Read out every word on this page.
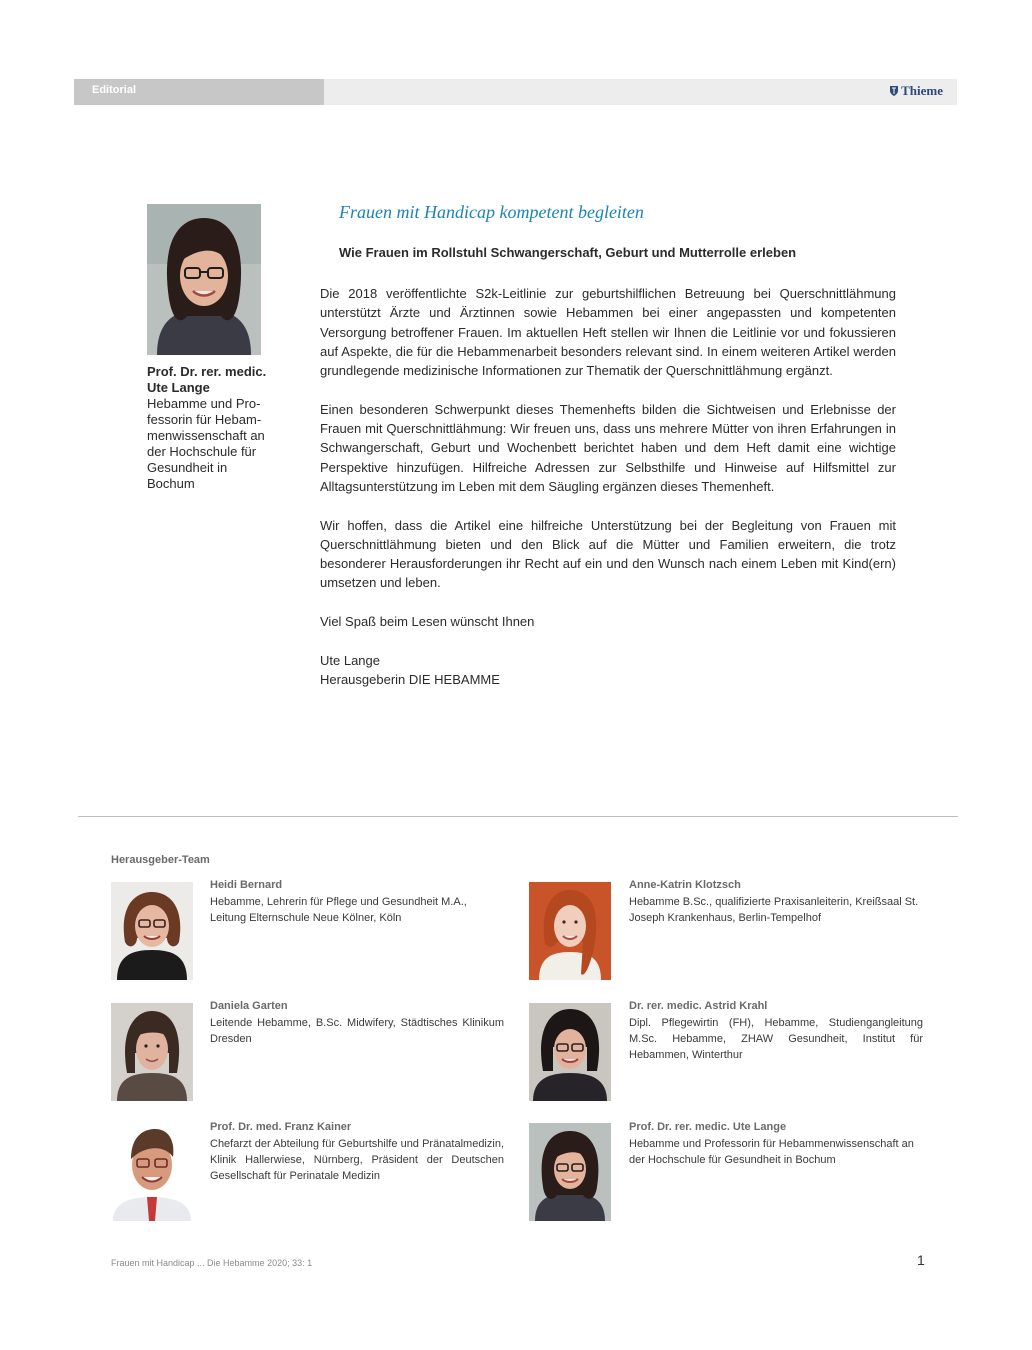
Editorial	Thieme
Prof. Dr. rer. medic.
Ute Lange
Hebamme und Pro-fessorin für Hebam-menwissenschaft an der Hochschule für Gesundheit in Bochum
Frauen mit Handicap kompetent begleiten
Wie Frauen im Rollstuhl Schwangerschaft, Geburt und Mutterrolle erleben

Die 2018 veröffentlichte S2k-Leitlinie zur geburtshilflichen Betreuung bei Querschnittlähmung unterstützt Ärzte und Ärztinnen sowie Hebammen bei einer angepassten und kompetenten Versorgung betroffener Frauen. Im aktuellen Heft stellen wir Ihnen die Leitlinie vor und fokussieren auf Aspekte, die für die Hebammenarbeit besonders relevant sind. In einem weiteren Artikel werden grundlegende medizinische Informationen zur Thematik der Querschnittlähmung ergänzt.

Einen besonderen Schwerpunkt dieses Themenhefts bilden die Sichtweisen und Erlebnisse der Frauen mit Querschnittlähmung: Wir freuen uns, dass uns mehrere Mütter von ihren Erfahrungen in Schwangerschaft, Geburt und Wochenbett berichtet haben und dem Heft damit eine wichtige Perspektive hinzufügen. Hilfreiche Adressen zur Selbsthilfe und Hinweise auf Hilfsmittel zur Alltagsunterstützung im Leben mit dem Säugling ergänzen dieses Themenheft.

Wir hoffen, dass die Artikel eine hilfreiche Unterstützung bei der Begleitung von Frauen mit Querschnittlähmung bieten und den Blick auf die Mütter und Familien erweitern, die trotz besonderer Herausforderungen ihr Recht auf ein und den Wunsch nach einem Leben mit Kind(ern) umsetzen und leben.

Viel Spaß beim Lesen wünscht Ihnen

Ute Lange
Herausgeberin DIE HEBAMME

Herausgeber-Team
Heidi Bernard
Hebamme, Lehrerin für Pflege und Gesundheit M.A., Leitung Elternschule Neue Kölner, Köln
Anne-Katrin Klotzsch
Hebamme B.Sc., qualifizierte Praxisanleiterin, Kreißsaal St. Joseph Krankenhaus, Berlin-Tempelhof
Daniela Garten
Leitende Hebamme, B.Sc. Midwifery, Städtisches Klinikum Dresden
Dr. rer. medic. Astrid Krahl
Dipl. Pflegewirtin (FH), Hebamme, Studiengangleitung M.Sc. Hebamme, ZHAW Gesundheit, Institut für Hebammen, Winterthur
Prof. Dr. med. Franz Kainer
Chefarzt der Abteilung für Geburtshilfe und Pränatalmedizin, Klinik Hallerwiese, Nürnberg, Präsident der Deutschen Gesellschaft für Perinatale Medizin
Prof. Dr. rer. medic. Ute Lange
Hebamme und Professorin für Hebammenwissenschaft an der Hochschule für Gesundheit in Bochum
Frauen mit Handicap ... Die Hebamme 2020; 33: 1	1
